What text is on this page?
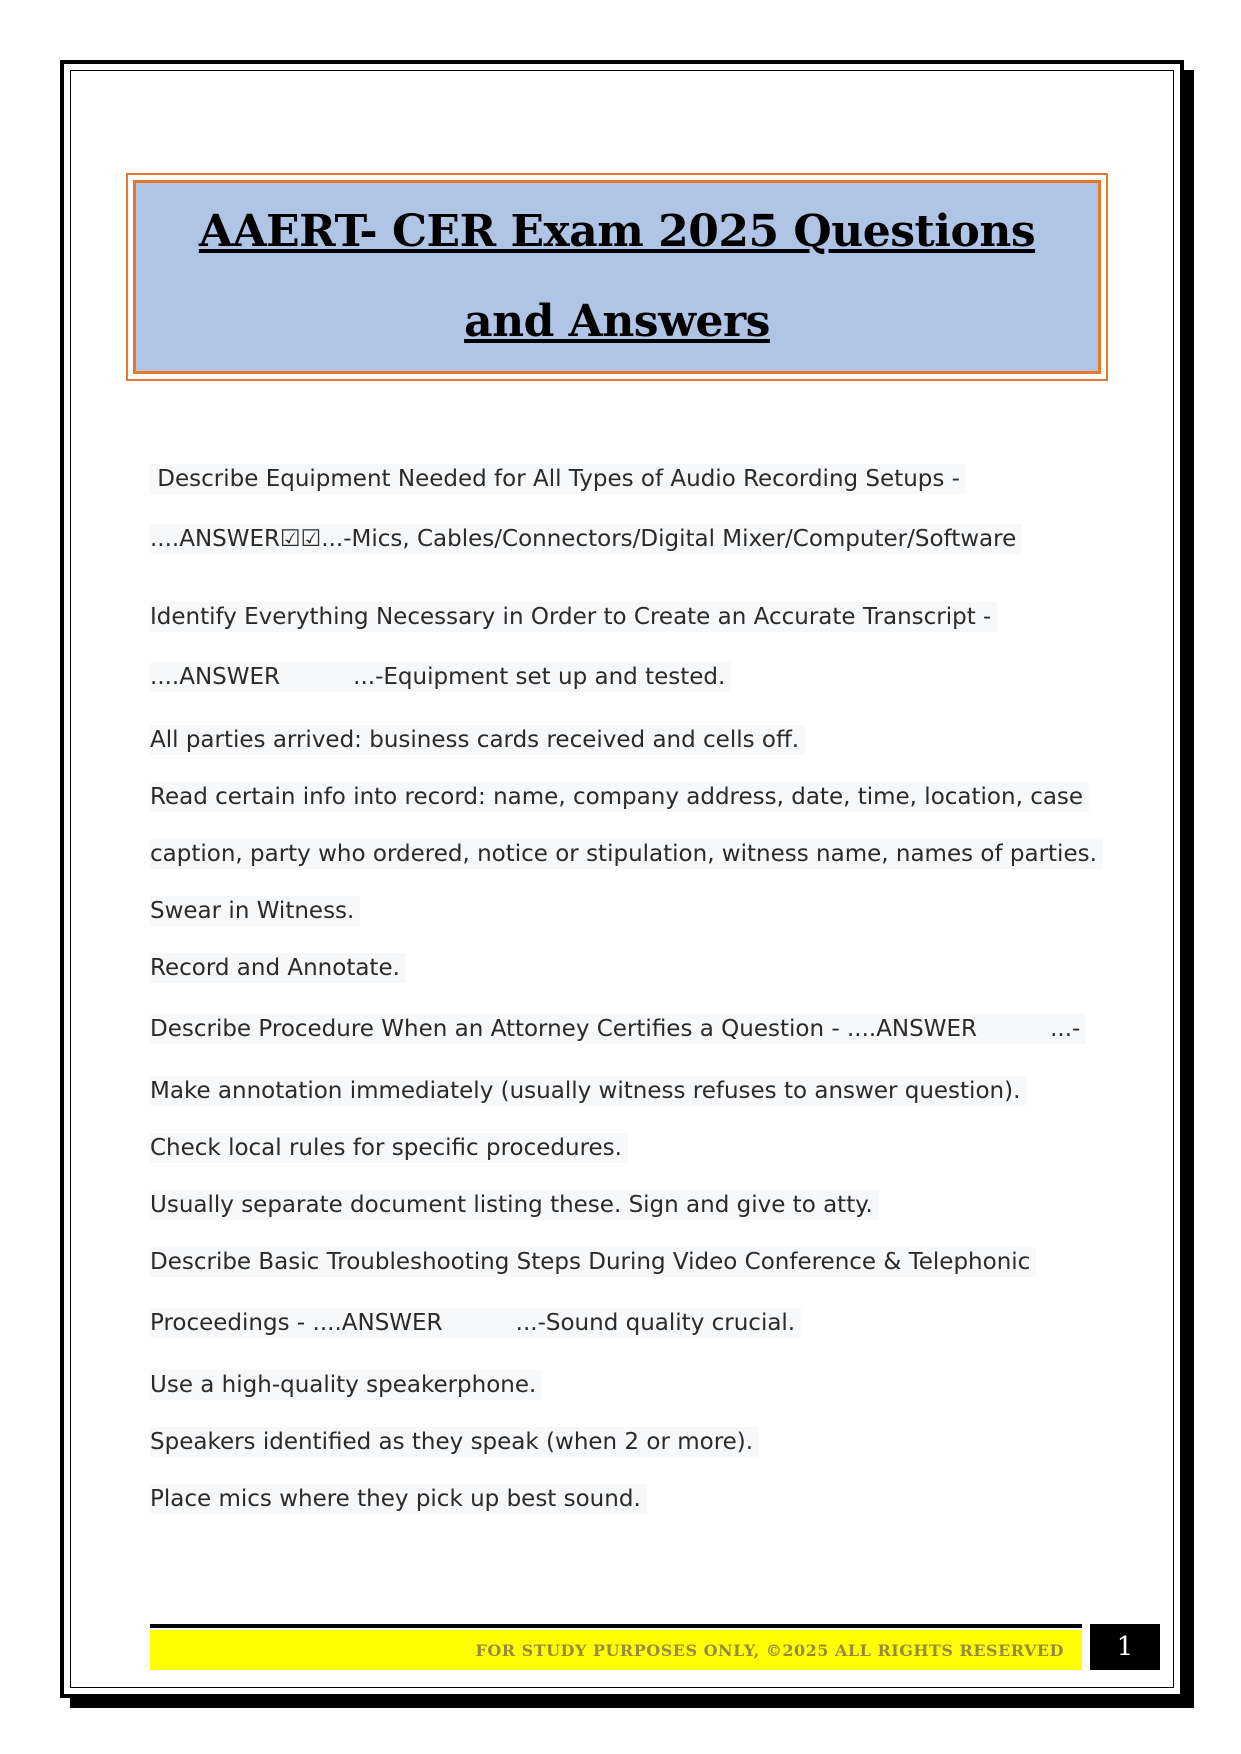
AAERT- CER Exam 2025 Questions
and Answers
Describe Equipment Needed for All Types of Audio Recording Setups -
....ANSWER☑☑...-Mics, Cables/Connectors/Digital Mixer/Computer/Software
Identify Everything Necessary in Order to Create an Accurate Transcript -
....ANSWER          ...-Equipment set up and tested.
All parties arrived: business cards received and cells off.
Read certain info into record: name, company address, date, time, location, case
caption, party who ordered, notice or stipulation, witness name, names of parties.
Swear in Witness.
Record and Annotate.
Describe Procedure When an Attorney Certifies a Question - ....ANSWER          ...-
Make annotation immediately (usually witness refuses to answer question).
Check local rules for specific procedures.
Usually separate document listing these. Sign and give to atty.
Describe Basic Troubleshooting Steps During Video Conference & Telephonic
Proceedings - ....ANSWER          ...-Sound quality crucial.
Use a high-quality speakerphone.
Speakers identified as they speak (when 2 or more).
Place mics where they pick up best sound.
FOR STUDY PURPOSES ONLY, ©2025 ALL RIGHTS RESERVED	1
